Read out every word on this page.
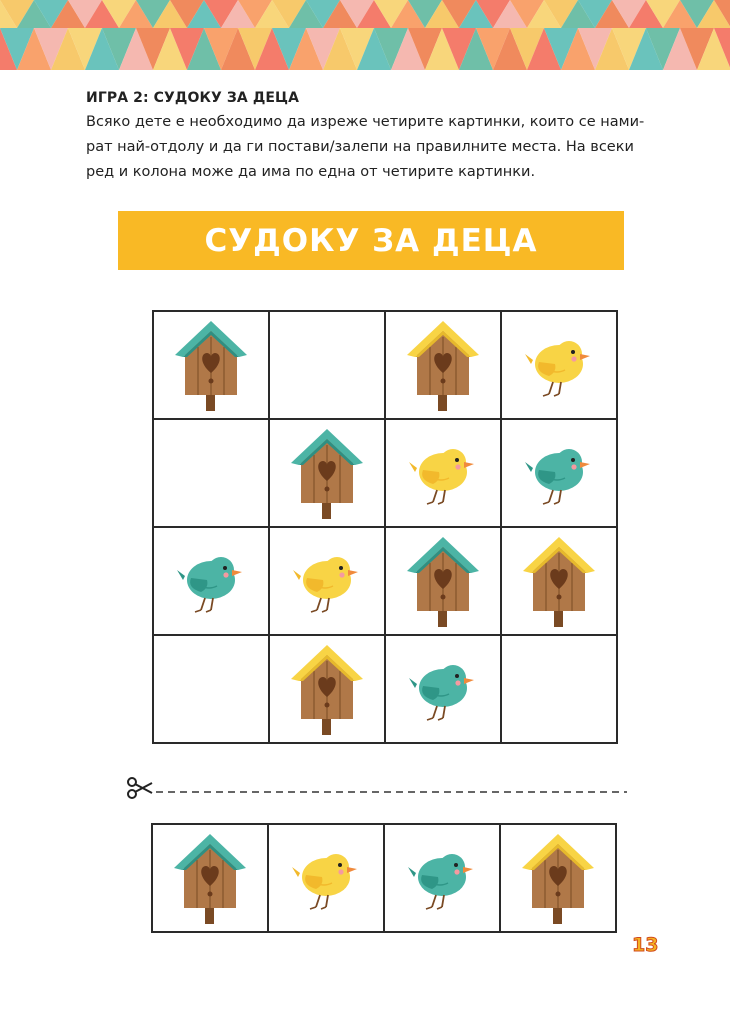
ИГРА 2: СУДОКУ ЗА ДЕЦА
Всяко дете е необходимо да изреже четирите картинки, които се нами-
рат най-отдолу и да ги постави/залепи на правилните места. На всеки
ред и колона може да има по една от четирите картинки.
СУДОКУ ЗА ДЕЦА

13
